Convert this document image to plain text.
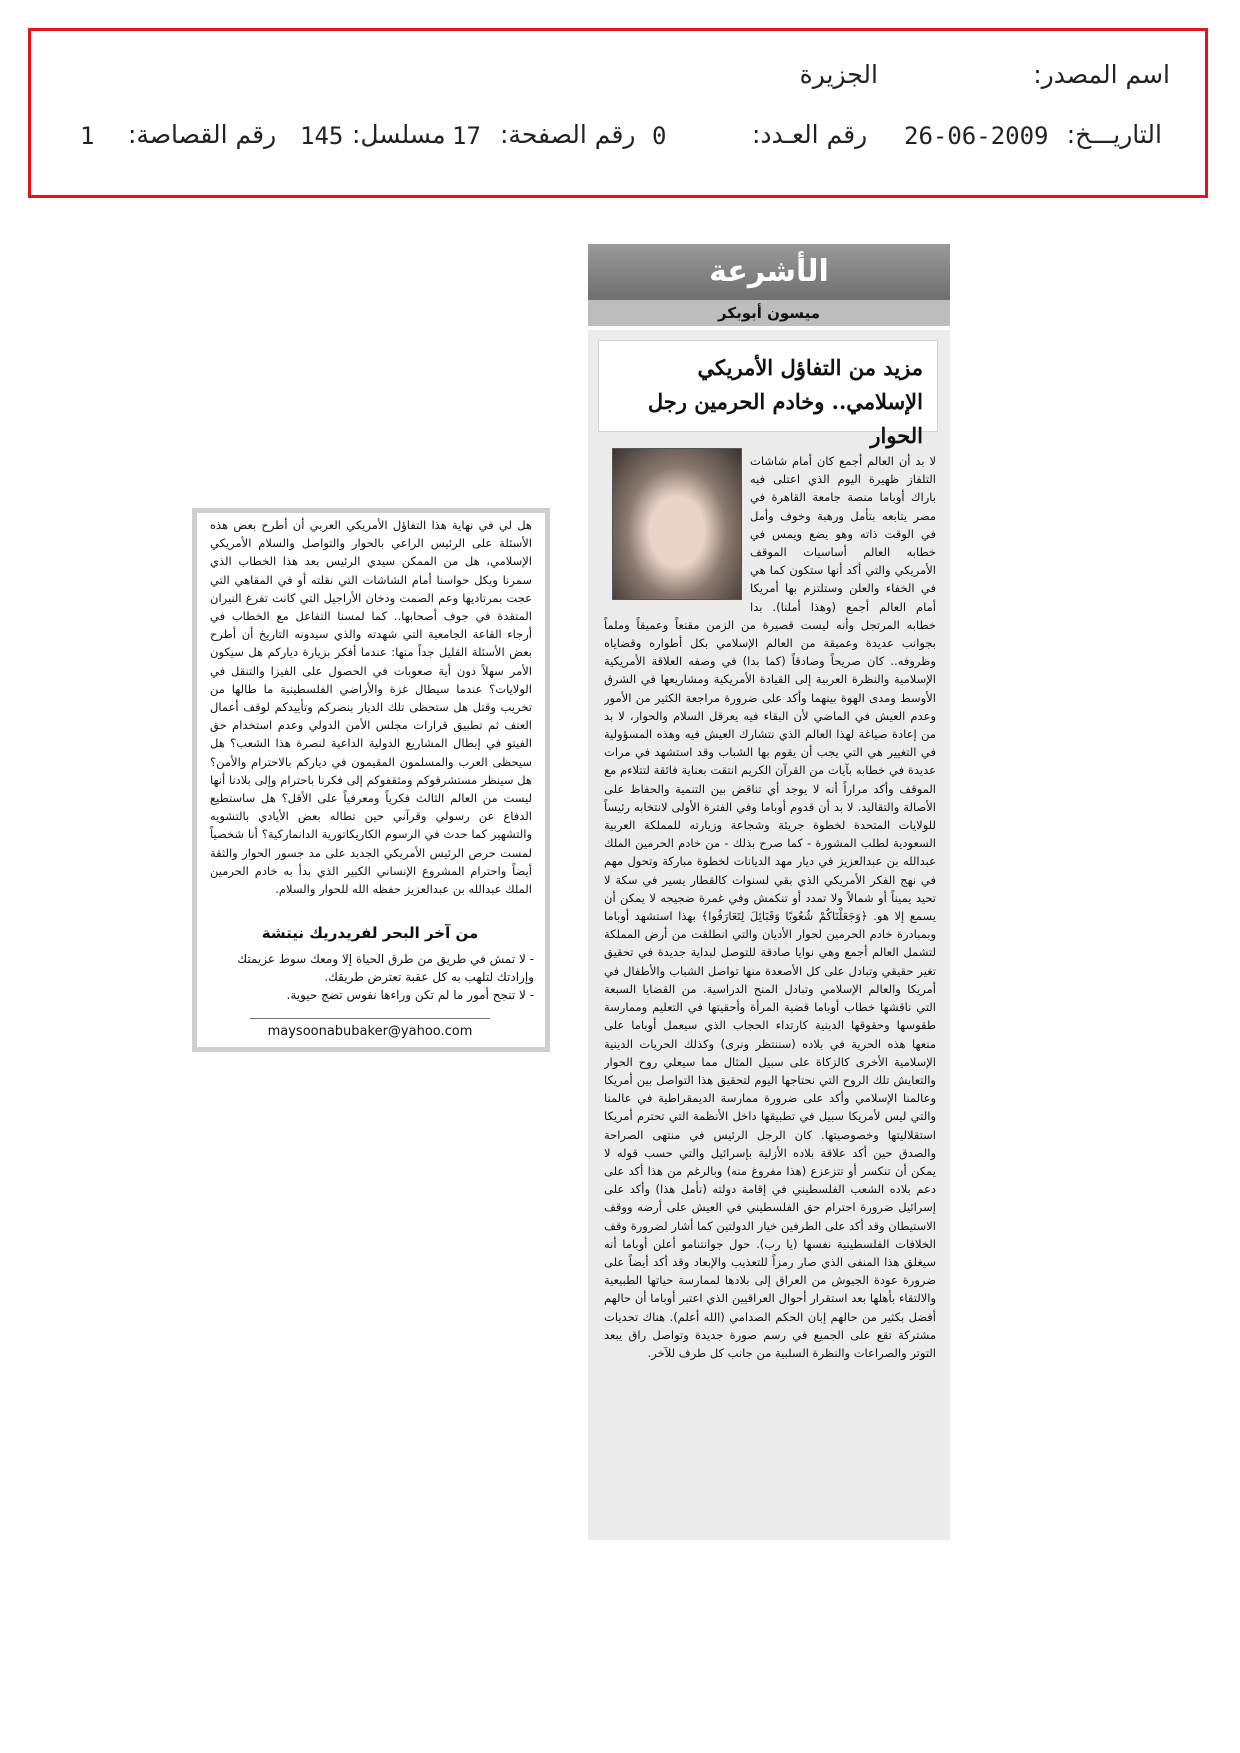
اسم المصدر:
الجزيرة
التاريـــخ:
26-06-2009
رقم العـدد:
0
رقم الصفحة:
17
مسلسل:
145
رقم القصاصة:
1
الأشرعة
ميسون أبوبكر
مزيد من التفاؤل الأمريكي الإسلامي.. وخادم الحرمين رجل الحوار
لا بد أن العالم أجمع كان أمام شاشات التلفاز ظهيرة اليوم الذي اعتلى فيه باراك أوباما منصة جامعة القاهرة في مصر يتابعه بتأمل ورهبة وخوف وأمل في الوقت ذاته وهو يضع ويمس في خطابه العالم أساسيات الموقف الأمريكي والتي أكد أنها ستكون كما هي في الخفاء والعلن وستلتزم بها أمريكا أمام العالم أجمع (وهذا أملنا). بدا خطابه المرتجل وأنه ليست قصيرة من الزمن مقنعاً وعميقاً وملماً بجوانب عديدة وعميقة من العالم الإسلامي بكل أطواره وقضاياه وظروفه.. كان صريحاً وصادقاً (كما بدا) في وصفه العلاقة الأمريكية الإسلامية والنظرة العربية إلى القيادة الأمريكية ومشاريعها في الشرق الأوسط ومدى الهوة بينهما وأكد على ضرورة مراجعة الكثير من الأمور وعدم العيش في الماضي لأن البقاء فيه يعرقل السلام والحوار، لا بد من إعادة صياغة لهذا العالم الذي نتشارك العيش فيه وهذه المسؤولية في التغيير هي التي يجب أن يقوم بها الشباب وقد استشهد في مرات عديدة في خطابه بآيات من القرآن الكريم انتقت بعناية فائقة لتتلاءم مع الموقف وأكد مراراً أنه لا يوجد أي تناقض بين التنمية والحفاظ على الأصالة والتقاليد. لا بد أن قدوم أوباما وفي الفترة الأولى لانتخابه رئيساً للولايات المتحدة لخطوة جريئة وشجاعة وزيارته للمملكة العربية السعودية لطلب المشورة - كما صرح بذلك - من خادم الحرمين الملك عبدالله بن عبدالعزيز في ديار مهد الديانات لخطوة مباركة وتحول مهم في نهج الفكر الأمريكي الذي بقي لسنوات كالقطار يسير في سكة لا تحيد يميناً أو شمالاً ولا تمدد أو تنكمش وفي غمرة ضجيجه لا يمكن أن يسمع إلا هو. ﴿وَجَعَلْنَاكُمْ شُعُوبًا وَقَبَائِلَ لِتَعَارَفُوا﴾ بهذا استشهد أوباما وبمبادرة خادم الحرمين لحوار الأديان والتي انطلقت من أرض المملكة لتشمل العالم أجمع وهي نوايا صادقة للتوصل لبداية جديدة في تحقيق تغير حقيقي وتبادل على كل الأصعدة منها تواصل الشباب والأطفال في أمريكا والعالم الإسلامي وتبادل المنح الدراسية. من القضايا السبعة التي ناقشها خطاب أوباما قضية المرأة وأحقيتها في التعليم وممارسة طقوسها وحقوقها الدينية كارتداء الحجاب الذي سيعمل أوباما على منعها هذه الحرية في بلاده (سننتظر ونرى) وكذلك الحريات الدينية الإسلامية الأخرى كالزكاة على سبيل المثال مما سيعلي روح الحوار والتعايش تلك الروح التي نحتاجها اليوم لتحقيق هذا التواصل بين أمريكا وعالمنا الإسلامي وأكد على ضرورة ممارسة الديمقراطية في عالمنا والتي ليس لأمريكا سبيل في تطبيقها داخل الأنظمة التي تحترم أمريكا استقلاليتها وخصوصيتها. كان الرجل الرئيس في منتهى الصراحة والصدق حين أكد علاقة بلاده الأزلية بإسرائيل والتي حسب قوله لا يمكن أن تنكسر أو تتزعزع (هذا مفروغ منه) وبالرغم من هذا أكد على دعم بلاده الشعب الفلسطيني في إقامة دولته (نأمل هذا) وأكد على إسرائيل ضرورة احترام حق الفلسطيني في العيش على أرضه ووقف الاستيطان وقد أكد على الطرفين خيار الدولتين كما أشار لضرورة وقف الخلافات الفلسطينية نفسها (يا رب). حول جوانتنامو أعلن أوباما أنه سيغلق هذا المنفى الذي صار رمزاً للتعذيب والإبعاد وقد أكد أيضاً على ضرورة عودة الجيوش من العراق إلى بلادها لممارسة حياتها الطبيعية والالتقاء بأهلها بعد استقرار أحوال العراقيين الذي اعتبر أوباما أن حالهم أفضل بكثير من حالهم إبان الحكم الصدامي (الله أعلم). هناك تحديات مشتركة تقع على الجميع في رسم صورة جديدة وتواصل راق يبعد التوتر والصراعات والنظرة السلبية من جانب كل طرف للآخر.
هل لي في نهاية هذا التفاؤل الأمريكي العربي أن أطرح بعض هذه الأسئلة على الرئيس الراعي بالحوار والتواصل والسلام الأمريكي الإسلامي، هل من الممكن سيدي الرئيس بعد هذا الخطاب الذي سمرنا وبكل حواسنا أمام الشاشات التي نقلته أو في المقاهي التي عجت بمرتاديها وعم الصمت ودخان الأراجيل التي كانت تفرغ النيران المتقدة في جوف أصحابها.. كما لمسنا التفاعل مع الخطاب في أرجاء القاعة الجامعية التي شهدته والذي سيدونه التاريخ أن أطرح بعض الأسئلة القليل جداً منها: عندما أفكر بزيارة دياركم هل سيكون الأمر سهلاً دون أية صعوبات في الحصول على الفيزا والتنقل في الولايات؟ عندما سيطال غزة والأراضي الفلسطينية ما طالها من تخريب وقتل هل ستحظى تلك الديار بنصركم وتأييدكم لوقف أعمال العنف ثم تطبيق قرارات مجلس الأمن الدولي وعدم استخدام حق الفيتو في إبطال المشاريع الدولية الداعية لنصرة هذا الشعب؟ هل سيحظى العرب والمسلمون المقيمون في دياركم بالاحترام والأمن؟ هل سينظر مستشرقوكم ومثقفوكم إلى فكرنا باحترام وإلى بلادنا أنها ليست من العالم الثالث فكرياً ومعرفياً على الأقل؟ هل ساستطيع الدفاع عن رسولي وقرآني حين تطاله بعض الأيادي بالتشويه والتشهير كما حدث في الرسوم الكاريكاتورية الدانماركية؟ أنا شخصياً لمست حرص الرئيس الأمريكي الجديد على مد جسور الحوار والثقة أيضاً واحترام المشروع الإنساني الكبير الذي بدأ به خادم الحرمين الملك عبدالله بن عبدالعزيز حفظه الله للحوار والسلام.
من آخر البحر لفريدريك نيتشة
- لا تمش في طريق من طرق الحياة إلا ومعك سوط عزيمتك وإرادتك لتلهب به كل عقبة تعترض طريقك.
- لا تنجح أمور ما لم تكن وراءها نفوس تضج حيوية.
maysoonabubaker@yahoo.com
